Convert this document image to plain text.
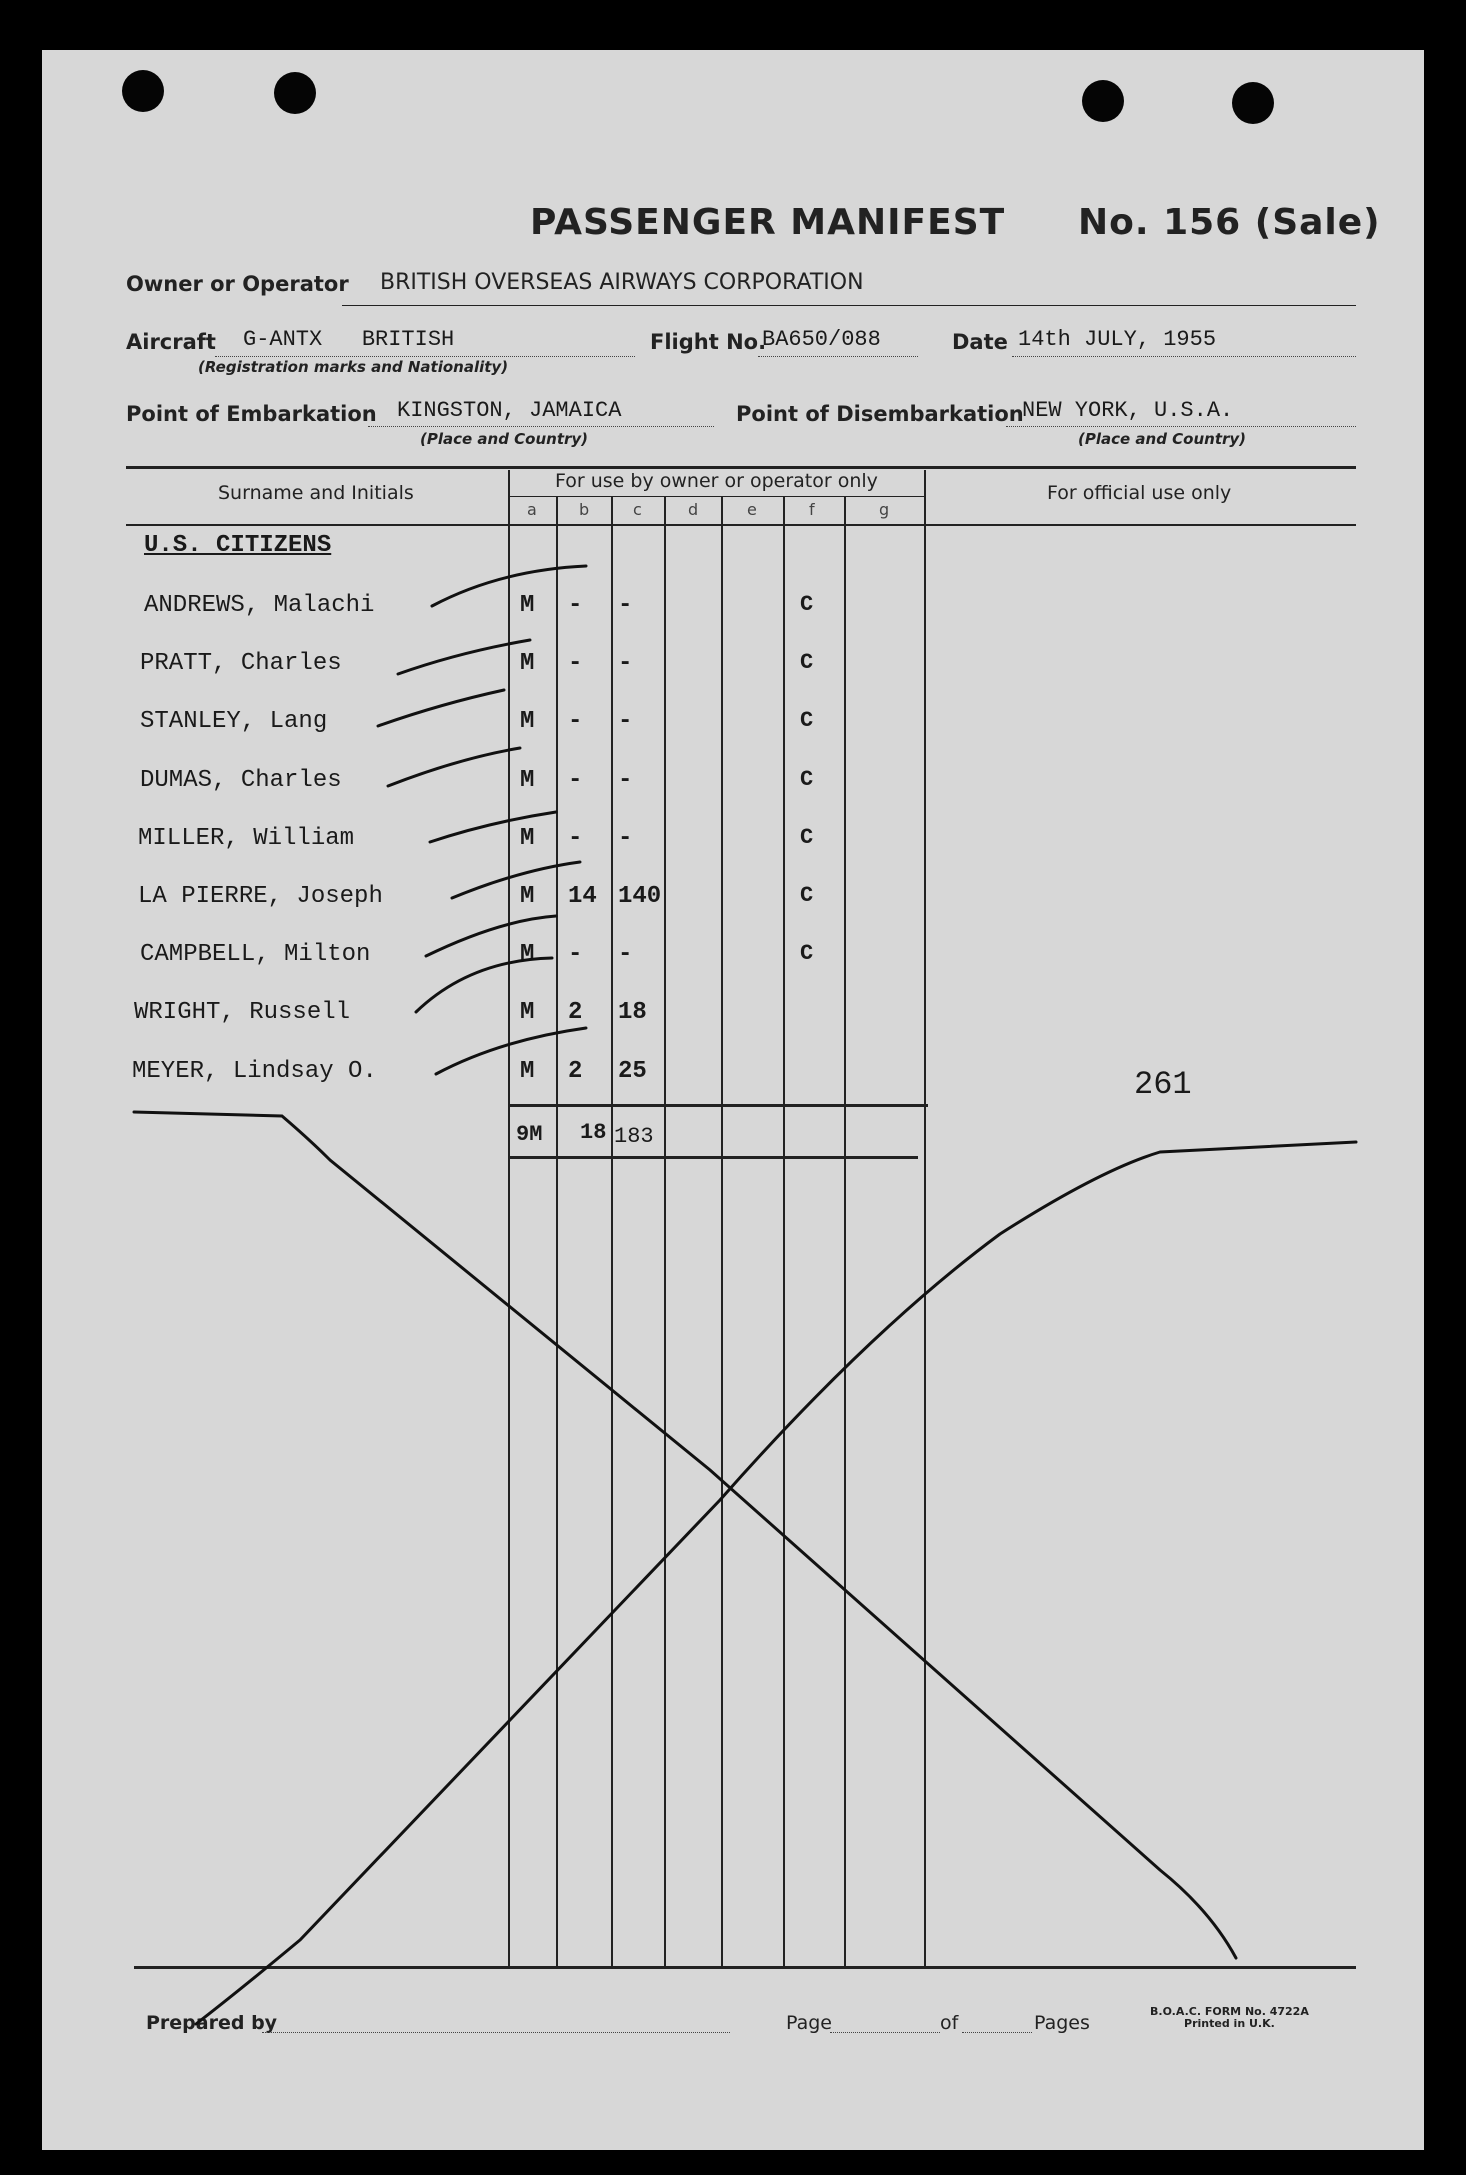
PASSENGER MANIFEST No. 156 (Sale)
Owner or Operator BRITISH OVERSEAS AIRWAYS CORPORATION
Aircraft G-ANTX   BRITISH
(Registration marks and Nationality)
Flight No.
BA650/088	Date 14th JULY, 1955
Point of Embarkation KINGSTON, JAMAICA
(Place and Country)
Point of Disembarkation
NEW YORK, U.S.A.
(Place and Country)
Surname and Initials
For use by owner or operator only
For official use only
a	b	c	d	e	f	g
U.S. CITIZENS
ANDREWS, Malachi	M - -	C
PRATT, Charles	M - -	C
STANLEY, Lang	M - -	C
DUMAS, Charles	M - -	C
MILLER, William	M - -	C
LA PIERRE, Joseph	M 14 140	C
CAMPBELL, Milton	M - -	C
WRIGHT, Russell	M 2 18
MEYER, Lindsay O.	M 2 25
9M 18 183
261
Prepared by	Page	of	Pages
B.O.A.C. FORM No. 4722A
Printed in U.K.
